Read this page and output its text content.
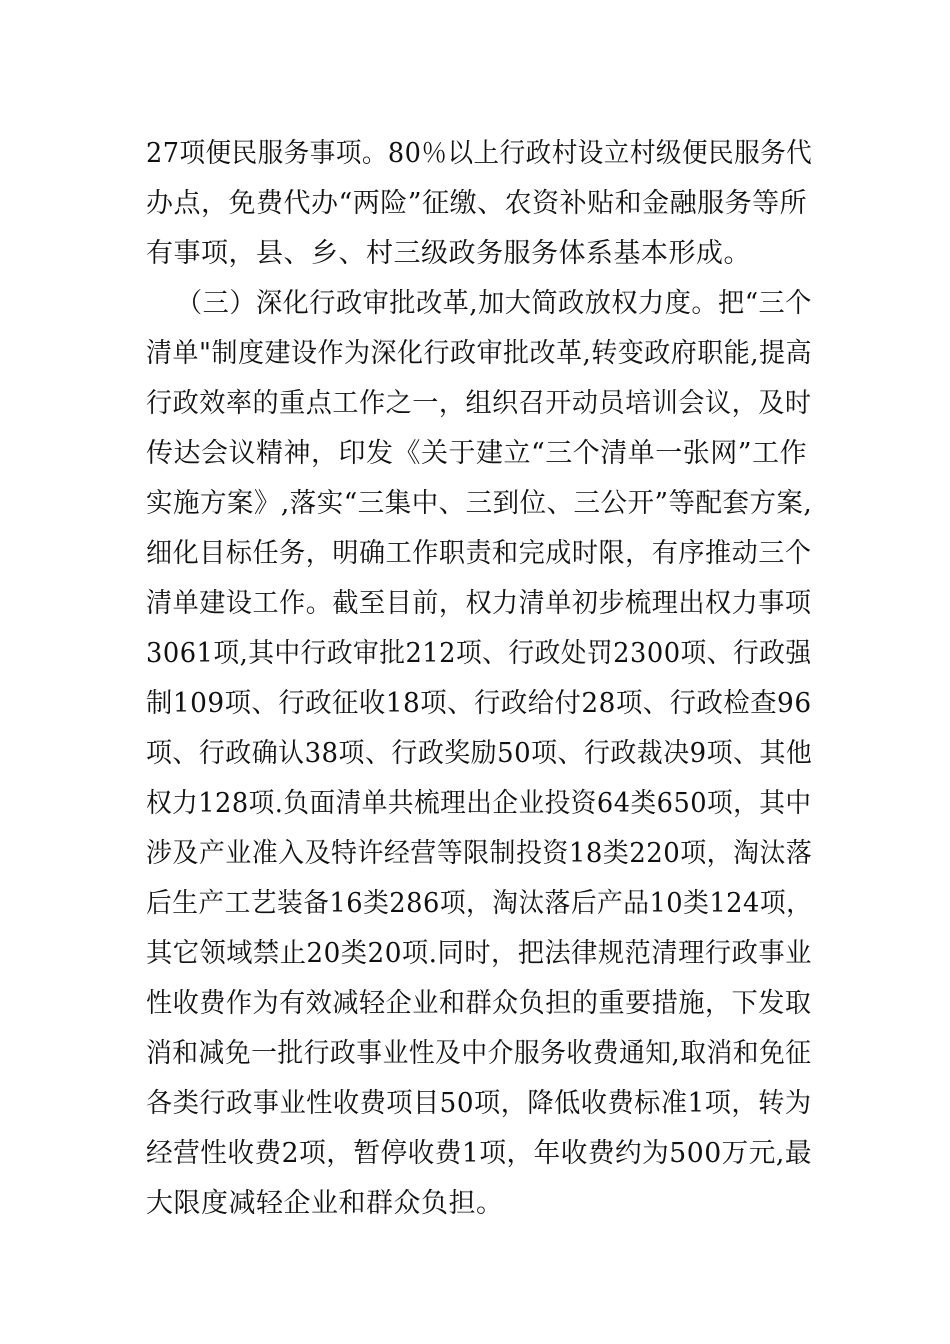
27项便民服务事项。80％以上行政村设立村级便民服务代
办点，免费代办“两险”征缴、农资补贴和金融服务等所
有事项，县、乡、村三级政务服务体系基本形成。
（三）深化行政审批改革,加大简政放权力度。把“三个
清单"制度建设作为深化行政审批改革,转变政府职能,提高
行政效率的重点工作之一，组织召开动员培训会议，及时
传达会议精神，印发《关于建立“三个清单一张网”工作
实施方案》,落实“三集中、三到位、三公开”等配套方案,
细化目标任务，明确工作职责和完成时限，有序推动三个
清单建设工作。截至目前，权力清单初步梳理出权力事项
3061项,其中行政审批212项、行政处罚2300项、行政强
制109项、行政征收18项、行政给付28项、行政检查96
项、行政确认38项、行政奖励50项、行政裁决9项、其他
权力128项.负面清单共梳理出企业投资64类650项，其中
涉及产业准入及特许经营等限制投资18类220项，淘汰落
后生产工艺装备16类286项，淘汰落后产品10类124项，
其它领域禁止20类20项.同时，把法律规范清理行政事业
性收费作为有效减轻企业和群众负担的重要措施，下发取
消和减免一批行政事业性及中介服务收费通知,取消和免征
各类行政事业性收费项目50项，降低收费标准1项，转为
经营性收费2项，暂停收费1项，年收费约为500万元,最
大限度减轻企业和群众负担。
